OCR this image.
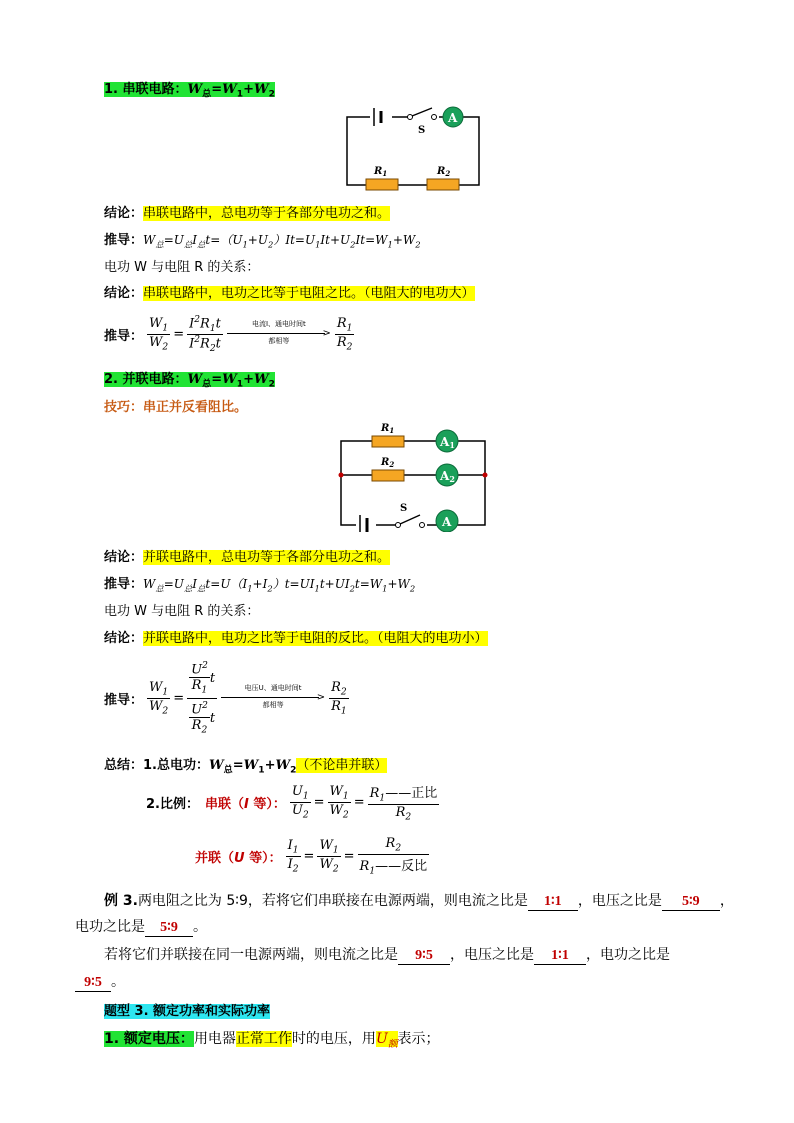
1. 串联电路：$W_总=W_1+W_2$
S
A
$R_1$	$R_2$
结论：串联电路中，总电功等于各部分电功之和。
推导：$W_总=U_总I_总t=(U_1+U_2)It=U_1It+U_2It=W_1+W_2$
电功 W 与电阻 R 的关系：
结论：串联电路中，电功之比等于电阻之比。（电阻大的电功大）
推导： $\frac{W_1}{W_2} = \frac{I^2R_1t}{I^2R_2t}$	电流I、通电时间t
>
都相等	$\frac{R_1}{R_2}$
2. 并联电路：$W_总=W_1+W_2$
技巧：串正并反看阻比。
$R_1$
$R_2$
A1
A2
S
A
结论：并联电路中，总电功等于各部分电功之和。
推导：$W_总=U_总I_总t=U(I_1+I_2)t=UI_1t+UI_2t=W_1+W_2$
电功 W 与电阻 R 的关系：
结论：并联电路中，电功之比等于电阻的反比。（电阻大的电功小）
推导： $\frac{W_1}{W_2} = \frac{\frac{U^2}{R_1} t}{\frac{U^2}{R_2} t}$	电压U、通电时间t
>
都相等	$\frac{R_2}{R_1}$
总结：1.总电功：$W_总=W_1+W_2$（不论串并联）
2.比例： 串联（I 等）： $\frac{U_1}{U_2} = \frac{W_1}{W_2} = \frac{R_1——正比}{R_2}$
并联（U 等）： $\frac{I_1}{I_2} = \frac{W_1}{W_2} = \frac{R_2}{R_1——反比}$
例 3.两电阻之比为 5∶9，若将它们串联接在电源两端，则电流之比是 1∶1 ，电压之比是 5∶9 ，
电功之比是 5∶9 。
若将它们并联接在同一电源两端，则电流之比是 9∶5 ，电压之比是 1∶1 ，电功之比是
9∶5 。
题型 3. 额定功率和实际功率
1. 额定电压：用电器正常工作时的电压，用$U_额$表示；
